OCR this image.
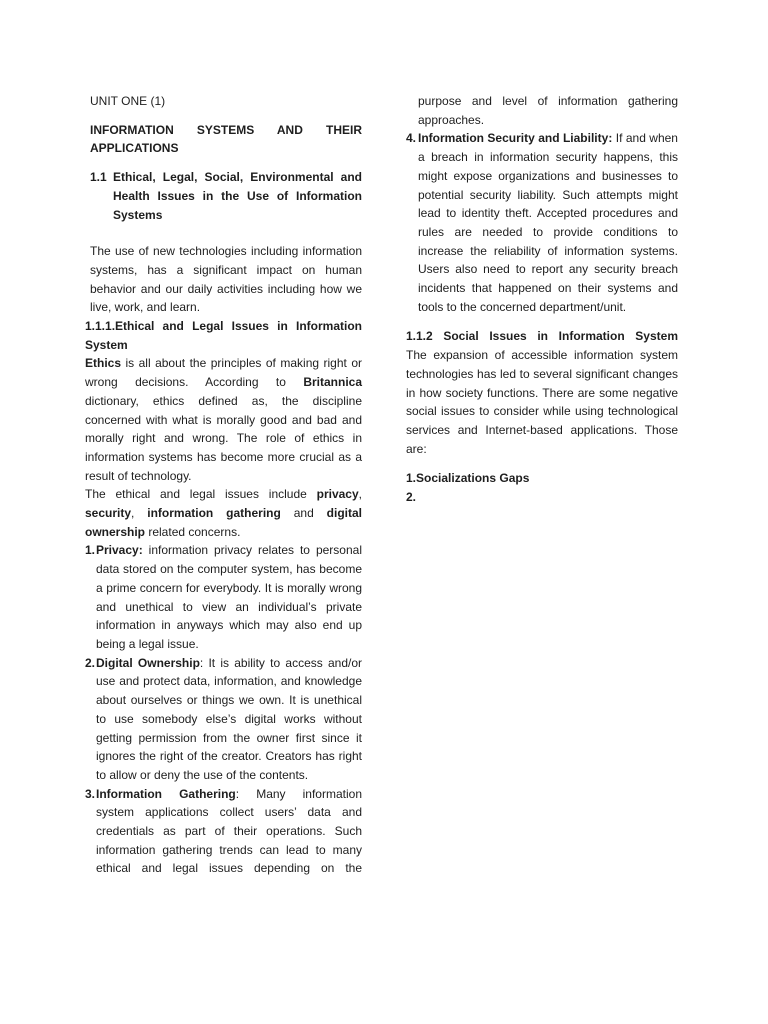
UNIT ONE (1)

INFORMATION SYSTEMS AND THEIR APPLICATIONS

1.1 Ethical, Legal, Social, Environmental and Health Issues in the Use of Information Systems

The use of new technologies including information systems, has a significant impact on human behavior and our daily activities including how we live, work, and learn.

1.1.1.Ethical and Legal Issues in Information System

Ethics is all about the principles of making right or wrong decisions. According to Britannica dictionary, ethics defined as, the discipline concerned with what is morally good and bad and morally right and wrong. The role of ethics in information systems has become more crucial as a result of technology.

The ethical and legal issues include privacy, security, information gathering and digital ownership related concerns.

1. Privacy: information privacy relates to personal data stored on the computer system, has become a prime concern for everybody. It is morally wrong and unethical to view an individual’s private information in anyways which may also end up being a legal issue.

2. Digital Ownership: It is ability to access and/or use and protect data, information, and knowledge about ourselves or things we own. It is unethical to use somebody else’s digital works without getting permission from the owner first since it ignores the right of the creator. Creators has right to allow or deny the use of the contents.

3. Information Gathering: Many information system applications collect users’ data and credentials as part of their operations. Such information gathering trends can lead to many ethical and legal issues depending on the

purpose and level of information gathering approaches.

4. Information Security and Liability: If and when a breach in information security happens, this might expose organizations and businesses to potential security liability. Such attempts might lead to identity theft. Accepted procedures and rules are needed to provide conditions to increase the reliability of information systems. Users also need to report any security breach incidents that happened on their systems and tools to the concerned department/unit.

1.1.2 Social Issues in Information System

The expansion of accessible information system technologies has led to several significant changes in how society functions. There are some negative social issues to consider while using technological services and Internet-based applications. Those are:

1.Socializations Gaps

2.
